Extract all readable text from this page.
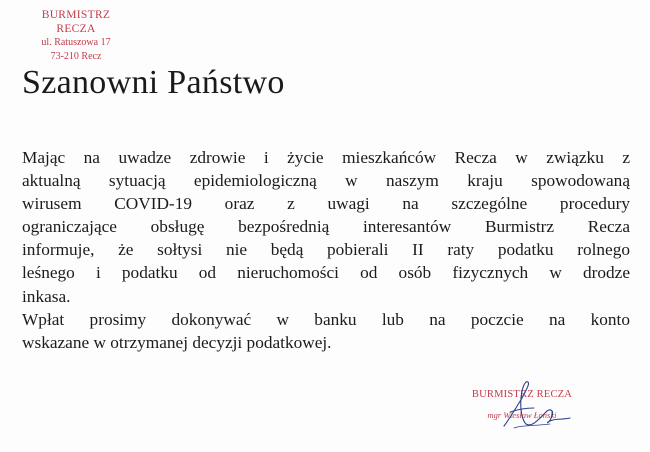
BURMISTRZ RECZA
ul. Ratuszowa 17
73-210 Recz
Szanowni Państwo
Mając na uwadze zdrowie i życie mieszkańców Recza w związku z
aktualną sytuacją epidemiologiczną w naszym kraju spowodowaną
wirusem COVID-19 oraz z uwagi na szczególne procedury
ograniczające obsługę bezpośrednią interesantów Burmistrz Recza
informuje, że sołtysi nie będą pobierali II raty podatku rolnego
leśnego i podatku od nieruchomości od osób fizycznych w drodze
inkasa.
Wpłat prosimy dokonywać w banku lub na poczcie na konto
wskazane w otrzymanej decyzji podatkowej.
BURMISTRZ RECZA
mgr Wiesław Łoński
